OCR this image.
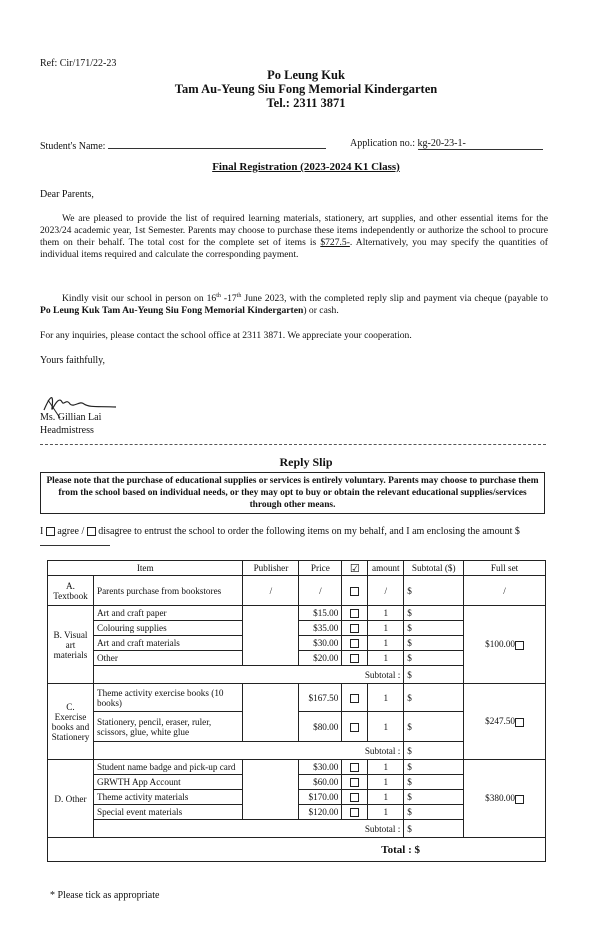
Ref: Cir/171/22-23
Po Leung Kuk
Tam Au-Yeung Siu Fong Memorial Kindergarten
Tel.: 2311 3871
Student's Name:	Application no.: kg-20-23-1-
Final Registration (2023-2024 K1 Class)
Dear Parents,
We are pleased to provide the list of required learning materials, stationery, art supplies, and other essential items for the 2023/24 academic year, 1st Semester. Parents may choose to purchase these items independently or authorize the school to procure them on their behalf. The total cost for the complete set of items is $727.5-. Alternatively, you may specify the quantities of individual items required and calculate the corresponding payment.
Kindly visit our school in person on 16th -17th June 2023, with the completed reply slip and payment via cheque (payable to Po Leung Kuk Tam Au-Yeung Siu Fong Memorial Kindergarten) or cash.
For any inquiries, please contact the school office at 2311 3871. We appreciate your cooperation.
Yours faithfully,
Ms. Gillian Lai
Headmistress
Reply Slip
Please note that the purchase of educational supplies or services is entirely voluntary. Parents may choose to purchase them from the school based on individual needs, or they may opt to buy or obtain the relevant educational supplies/services through other means.
I agree / disagree to entrust the school to order the following items on my behalf, and I am enclosing the amount $
Item		Publisher	Price	☑	amount	Subtotal ($)	Full set
A. Textbook	Parents purchase from bookstores	/	/		/	$	/
B. Visual art materials	Art and craft paper		$15.00		1	$	$100.00
	Colouring supplies		$35.00		1	$	
	Art and craft materials		$30.00		1	$	
	Other		$20.00		1	$	
	Subtotal :					$	
C. Exercise books and Stationery	Theme activity exercise books (10 books)		$167.50		1	$	$247.50
	Stationery, pencil, eraser, ruler, scissors, glue, white glue		$80.00		1	$	
	Subtotal :					$	
D. Other	Student name badge and pick-up card		$30.00		1	$	$380.00
	GRWTH App Account		$60.00		1	$	
	Theme activity materials		$170.00		1	$	
	Special event materials		$120.00		1	$	
	Subtotal :					$	
Total : $							
* Please tick as appropriate
